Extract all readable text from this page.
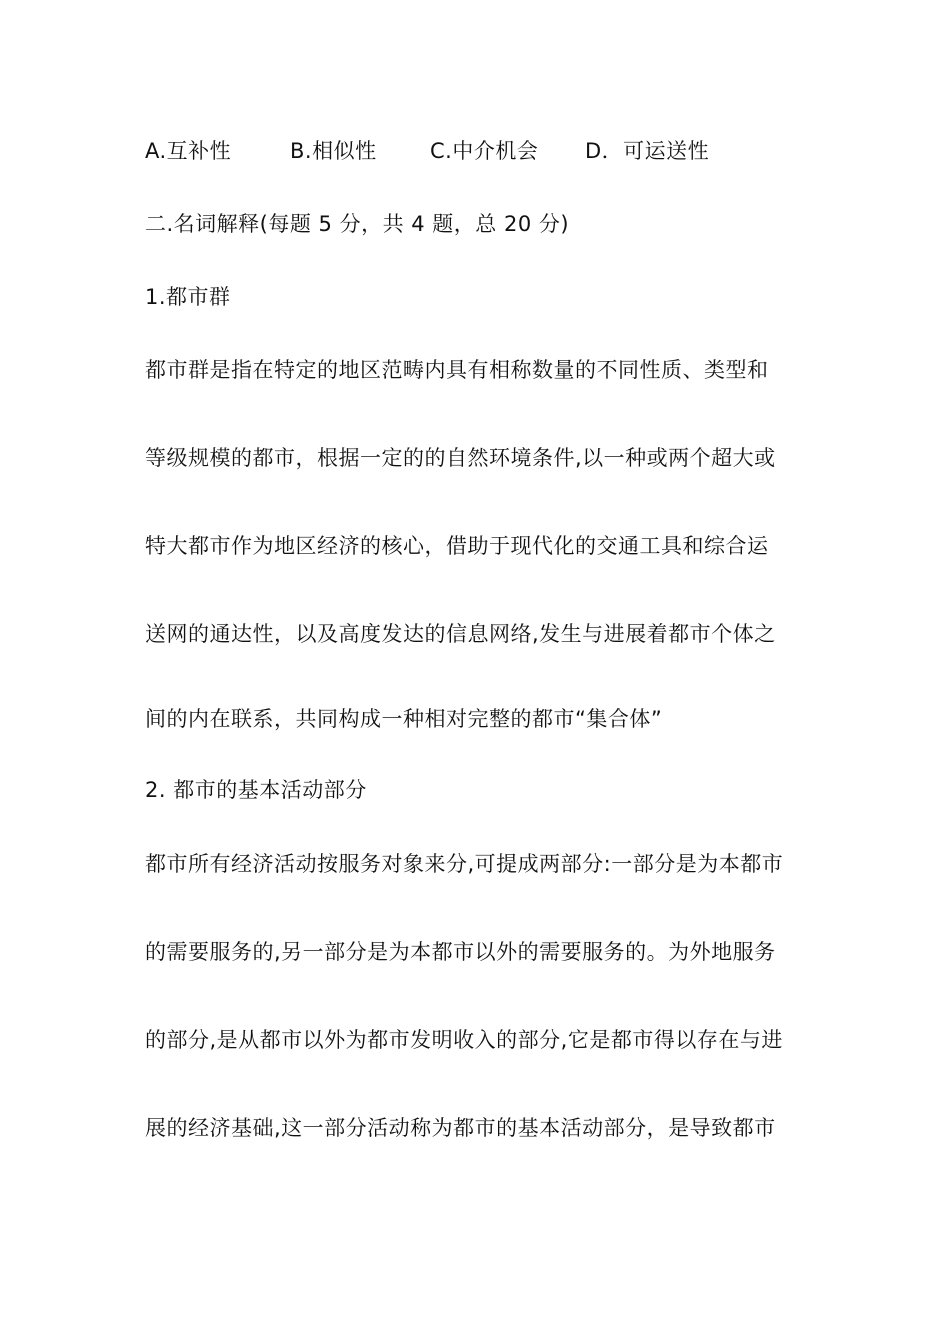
A.互补性	B.相似性	C.中介机会 D．可运送性
二.名词解释(每题 5 分，共 4 题，总 20 分)
1.都市群
都市群是指在特定的地区范畴内具有相称数量的不同性质、类型和
等级规模的都市，根据一定的的自然环境条件,以一种或两个超大或
特大都市作为地区经济的核心，借助于现代化的交通工具和综合运
送网的通达性，以及高度发达的信息网络,发生与进展着都市个体之
间的内在联系，共同构成一种相对完整的都市“集合体”
2. 都市的基本活动部分
都市所有经济活动按服务对象来分,可提成两部分:一部分是为本都市
的需要服务的,另一部分是为本都市以外的需要服务的。为外地服务
的部分,是从都市以外为都市发明收入的部分,它是都市得以存在与进
展的经济基础,这一部分活动称为都市的基本活动部分，是导致都市
